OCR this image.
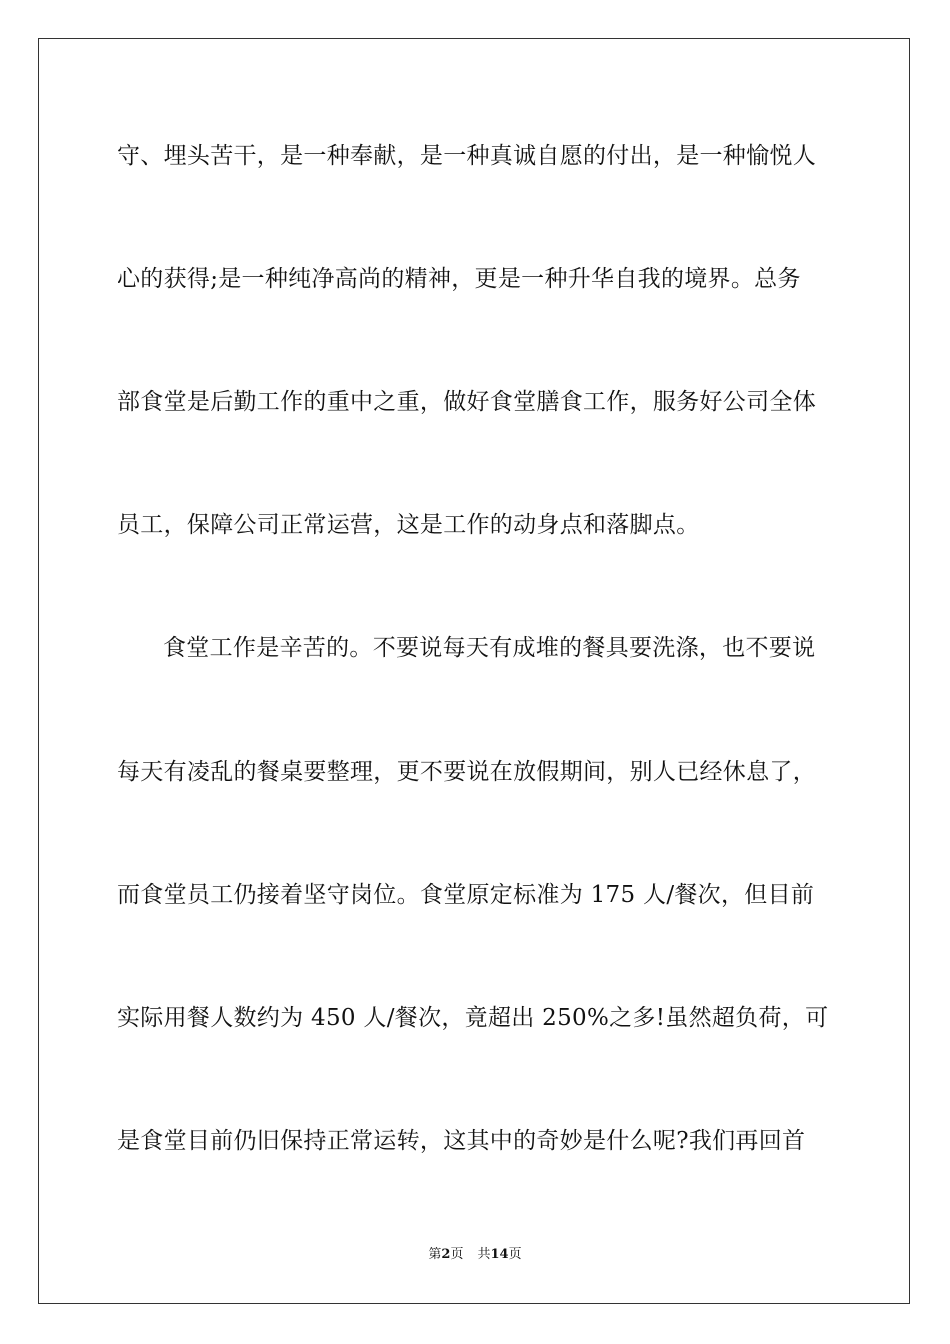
守、埋头苦干，是一种奉献，是一种真诚自愿的付出，是一种愉悦人
心的获得;是一种纯净高尚的精神，更是一种升华自我的境界。总务
部食堂是后勤工作的重中之重，做好食堂膳食工作，服务好公司全体
员工，保障公司正常运营，这是工作的动身点和落脚点。
食堂工作是辛苦的。不要说每天有成堆的餐具要洗涤，也不要说
每天有凌乱的餐桌要整理，更不要说在放假期间，别人已经休息了，
而食堂员工仍接着坚守岗位。食堂原定标准为 175 人/餐次，但目前
实际用餐人数约为 450 人/餐次，竟超出 250%之多!虽然超负荷，可
是食堂目前仍旧保持正常运转，这其中的奇妙是什么呢?我们再回首
第2页 共14页
